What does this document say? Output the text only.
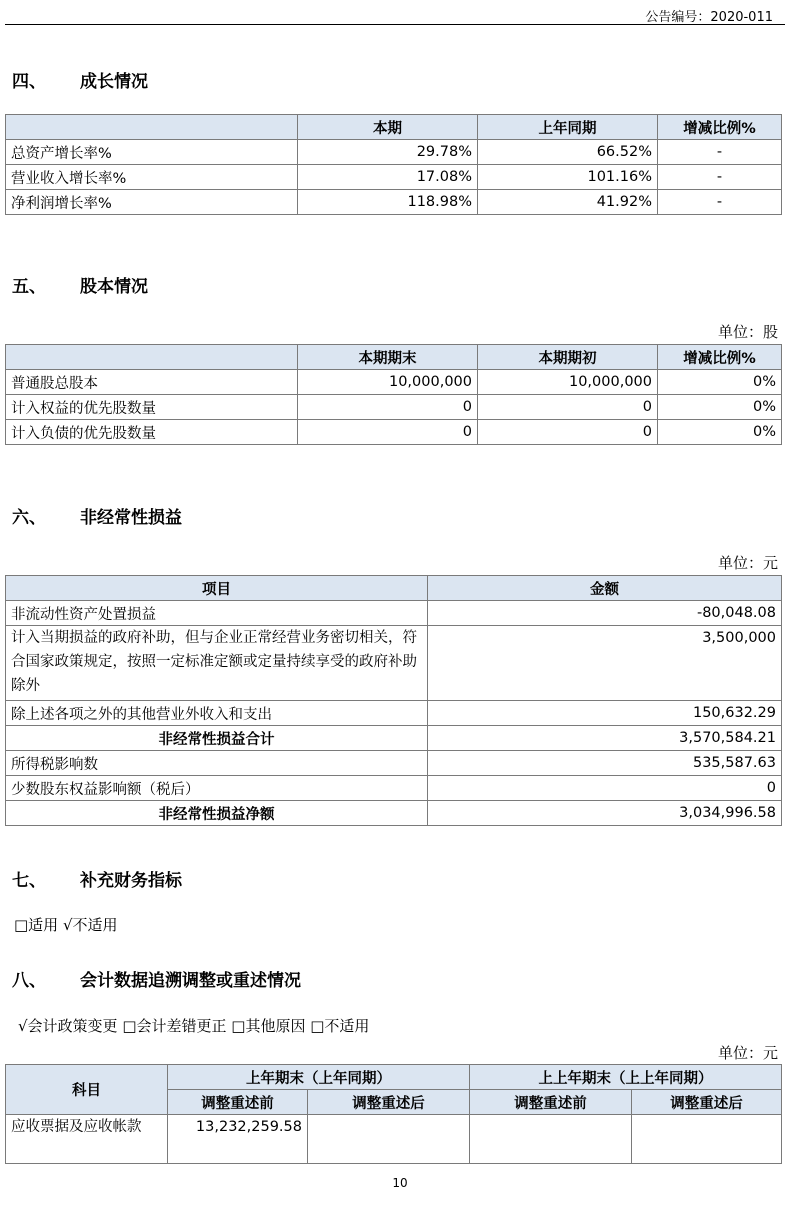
公告编号：2020-011
四、 成长情况
	本期	上年同期	增减比例%
总资产增长率%	29.78%	66.52%	-
营业收入增长率%	17.08%	101.16%	-
净利润增长率%	118.98%	41.92%	-
五、 股本情况
单位：股
	本期期末	本期期初	增减比例%
普通股总股本	10,000,000	10,000,000	0%
计入权益的优先股数量	0	0	0%
计入负债的优先股数量	0	0	0%
六、 非经常性损益
单位：元
项目	金额
非流动性资产处置损益	-80,048.08
计入当期损益的政府补助，但与企业正常经营业务密切相关，符合国家政策规定，按照一定标准定额或定量持续享受的政府补助除外	3,500,000
除上述各项之外的其他营业外收入和支出	150,632.29
非经常性损益合计	3,570,584.21
所得税影响数	535,587.63
少数股东权益影响额（税后）	0
非经常性损益净额	3,034,996.58
七、 补充财务指标
□适用 √不适用
八、 会计数据追溯调整或重述情况
√会计政策变更 □会计差错更正 □其他原因 □不适用
单位：元
科目	上年期末（上年同期）		上上年期末（上上年同期）	
	调整重述前	调整重述后	调整重述前	调整重述后
应收票据及应收帐款	13,232,259.58			
10
